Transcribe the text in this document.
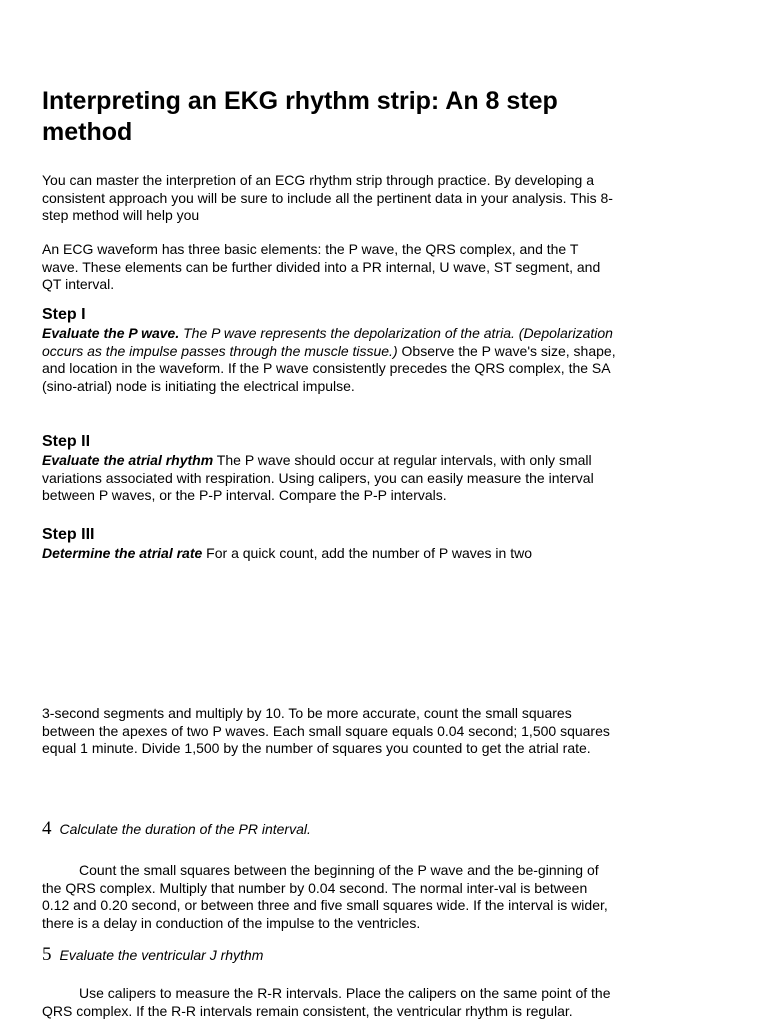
Interpreting an EKG rhythm strip: An 8 step method

You can master the interpretion of an ECG rhythm strip through practice. By developing a consistent approach you will be sure to include all the pertinent data in your analysis. This 8-step method will help you

An ECG waveform has three basic elements: the P wave, the QRS complex, and the T wave. These elements can be further divided into a PR internal, U wave, ST segment, and QT interval.

Step I

Evaluate the P wave. The P wave represents the depolarization of the atria. (Depolarization occurs as the impulse passes through the muscle tissue.) Observe the P wave's size, shape, and location in the waveform. If the P wave consistently precedes the QRS complex, the SA (sino-atrial) node is initiating the electrical impulse.

Step II

Evaluate the atrial rhythm The P wave should occur at regular intervals, with only small variations associated with respiration. Using calipers, you can easily measure the interval between P waves, or the P-P interval. Compare the P-P intervals.

Step III

Determine the atrial rate For a quick count, add the number of P waves in two

3-second segments and multiply by 10. To be more accurate, count the small squares between the apexes of two P waves. Each small square equals 0.04 second; 1,500 squares equal 1 minute. Divide 1,500 by the number of squares you counted to get the atrial rate.

4 Calculate the duration of the PR interval.

Count the small squares between the beginning of the P wave and the be-ginning of the QRS complex. Multiply that number by 0.04 second. The normal inter-val is between 0.12 and 0.20 second, or between three and five small squares wide. If the interval is wider, there is a delay in conduction of the impulse to the ventricles.

5 Evaluate the ventricular J rhythm

Use calipers to measure the R-R intervals. Place the calipers on the same point of the QRS complex. If the R-R intervals remain consistent, the ventricular rhythm is regular.
